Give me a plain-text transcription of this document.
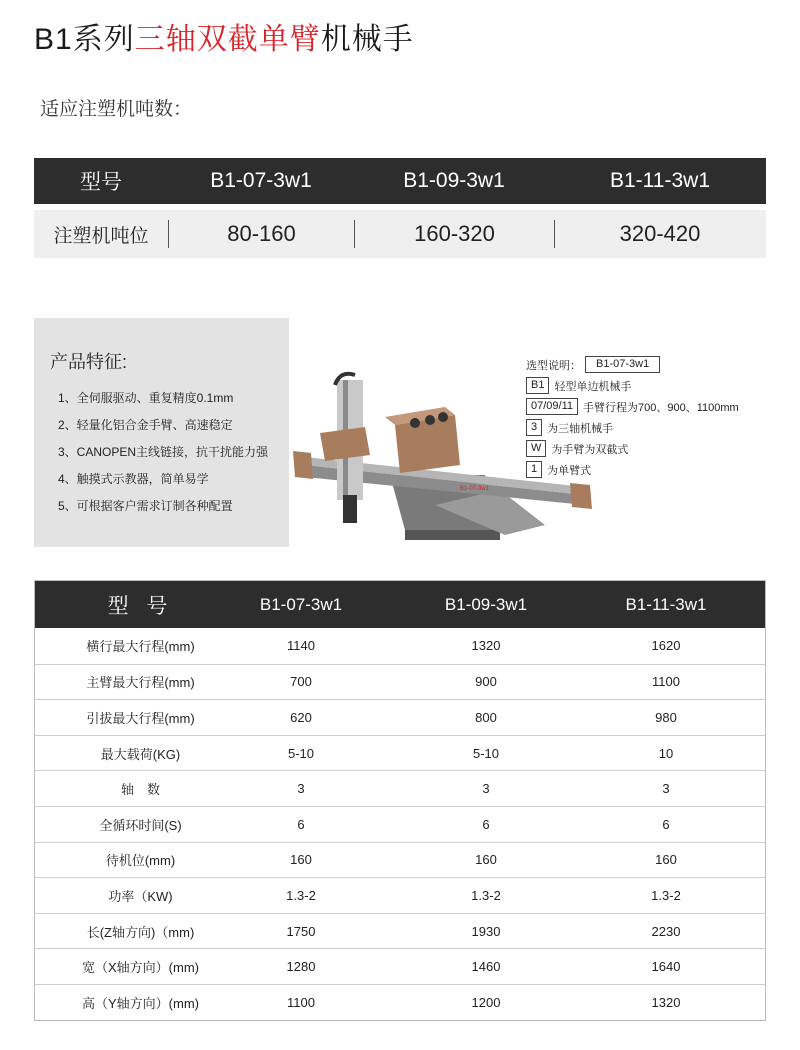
B1系列三轴双截单臂机械手
适应注塑机吨数：
型号	B1-07-3w1	B1-09-3w1	B1-11-3w1
注塑机吨位	80-160	160-320	320-420
产品特征:
1、全伺服驱动、重复精度0.1mm
2、轻量化铝合金手臂、高速稳定
3、CANOPEN主线链接，抗干扰能力强
4、触摸式示教器，简单易学
5、可根据客户需求订制各种配置
B1-07-3w1
选型说明：	B1-07-3w1
B1 轻型单边机械手
07/09/11 手臂行程为700、900、1100mm
3 为三轴机械手
W 为手臂为双截式
1 为单臂式
型 号	B1-07-3w1	B1-09-3w1	B1-11-3w1
横行最大行程(mm)	1140	1320	1620
主臂最大行程(mm)	700	900	1100
引拔最大行程(mm)	620	800	980
最大载荷(KG)	5-10	5-10	10
轴　数	3	3	3
全循环时间(S)	6	6	6
待机位(mm)	160	160	160
功率（KW)	1.3-2	1.3-2	1.3-2
长(Z轴方向)（mm)	1750	1930	2230
宽（X轴方向）(mm)	1280	1460	1640
高（Y轴方向）(mm)	1100	1200	1320
